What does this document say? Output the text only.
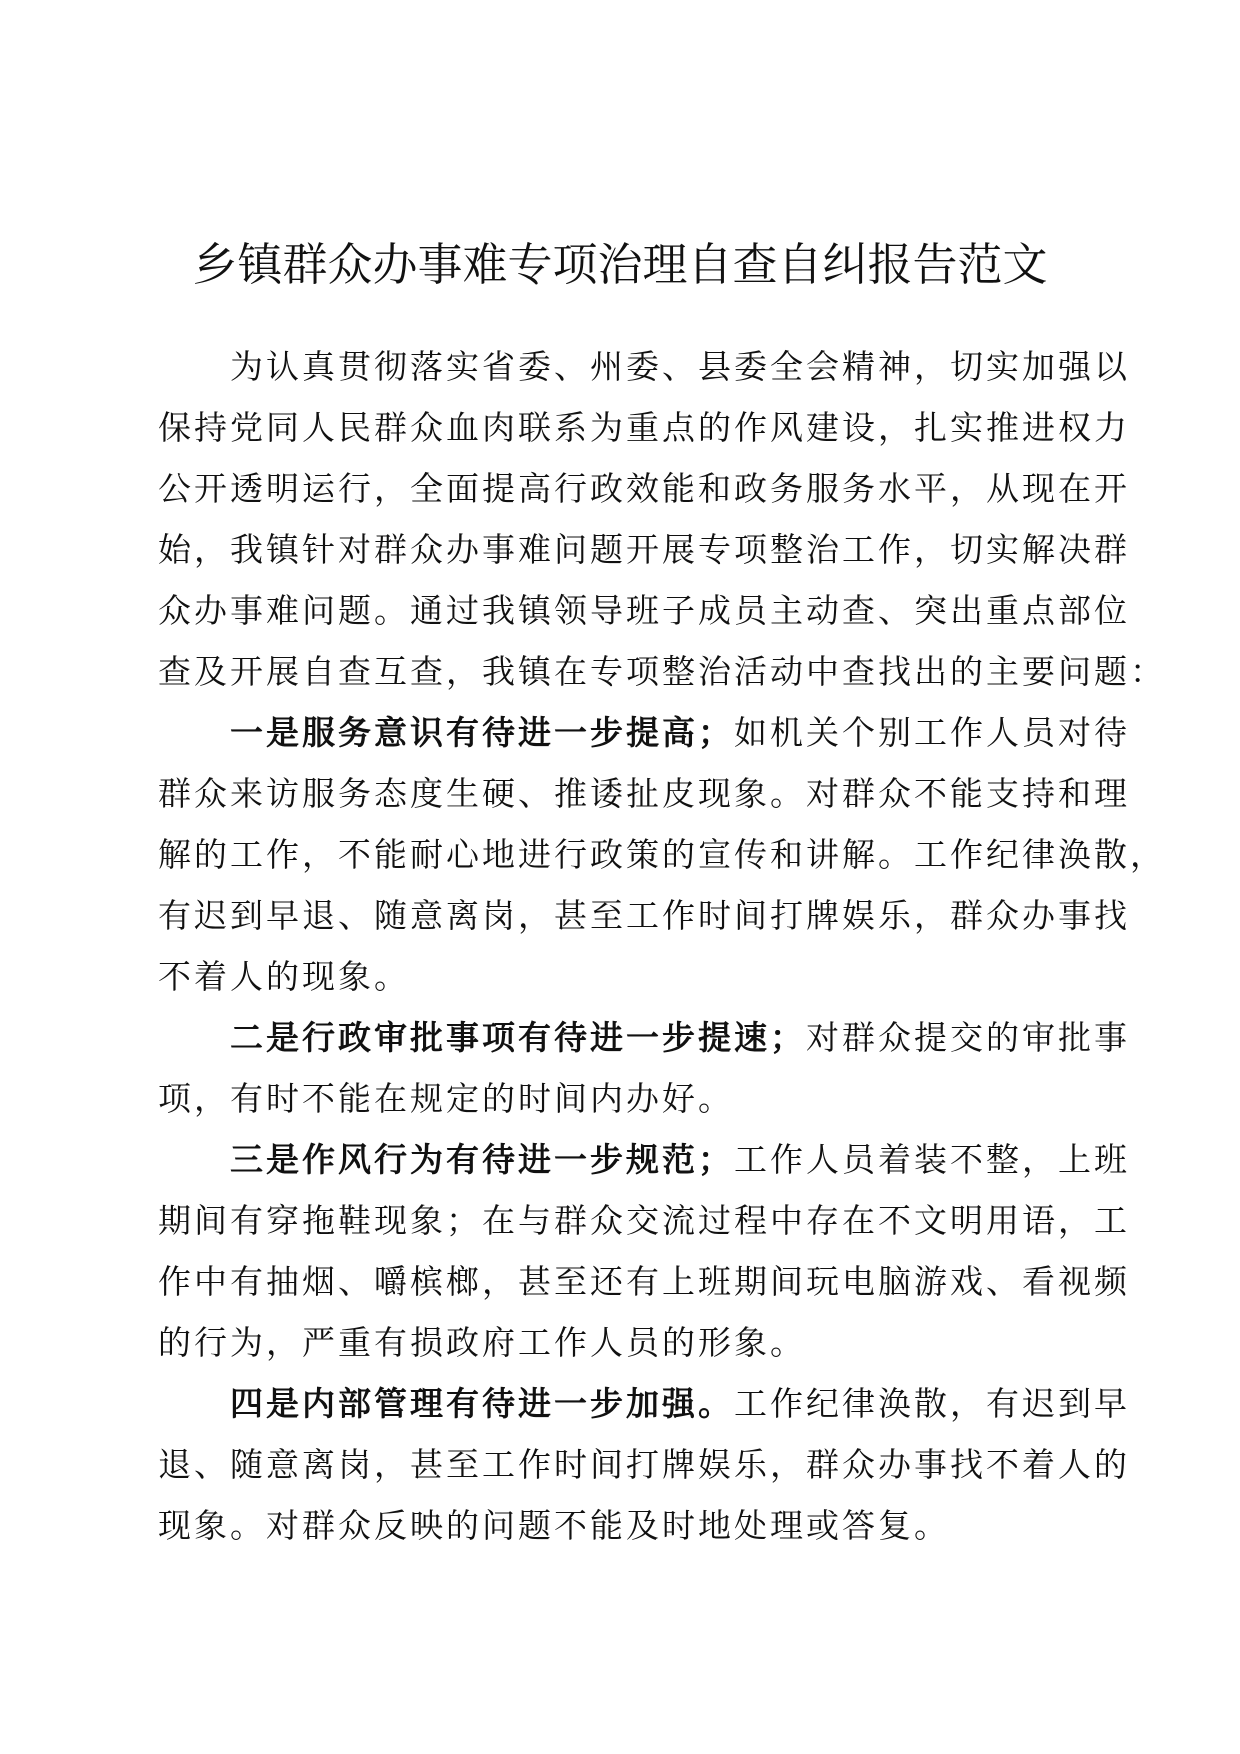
乡镇群众办事难专项治理自查自纠报告范文
为认真贯彻落实省委、州委、县委全会精神，切实加强以
保持党同人民群众血肉联系为重点的作风建设，扎实推进权力
公开透明运行，全面提高行政效能和政务服务水平，从现在开
始，我镇针对群众办事难问题开展专项整治工作，切实解决群
众办事难问题。通过我镇领导班子成员主动查、突出重点部位
查及开展自查互查，我镇在专项整治活动中查找出的主要问题：
一是服务意识有待进一步提高；如机关个别工作人员对待
群众来访服务态度生硬、推诿扯皮现象。对群众不能支持和理
解的工作，不能耐心地进行政策的宣传和讲解。工作纪律涣散，
有迟到早退、随意离岗，甚至工作时间打牌娱乐，群众办事找
不着人的现象。
二是行政审批事项有待进一步提速；对群众提交的审批事
项，有时不能在规定的时间内办好。
三是作风行为有待进一步规范；工作人员着装不整，上班
期间有穿拖鞋现象；在与群众交流过程中存在不文明用语，工
作中有抽烟、嚼槟榔，甚至还有上班期间玩电脑游戏、看视频
的行为，严重有损政府工作人员的形象。
四是内部管理有待进一步加强。工作纪律涣散，有迟到早
退、随意离岗，甚至工作时间打牌娱乐，群众办事找不着人的
现象。对群众反映的问题不能及时地处理或答复。
